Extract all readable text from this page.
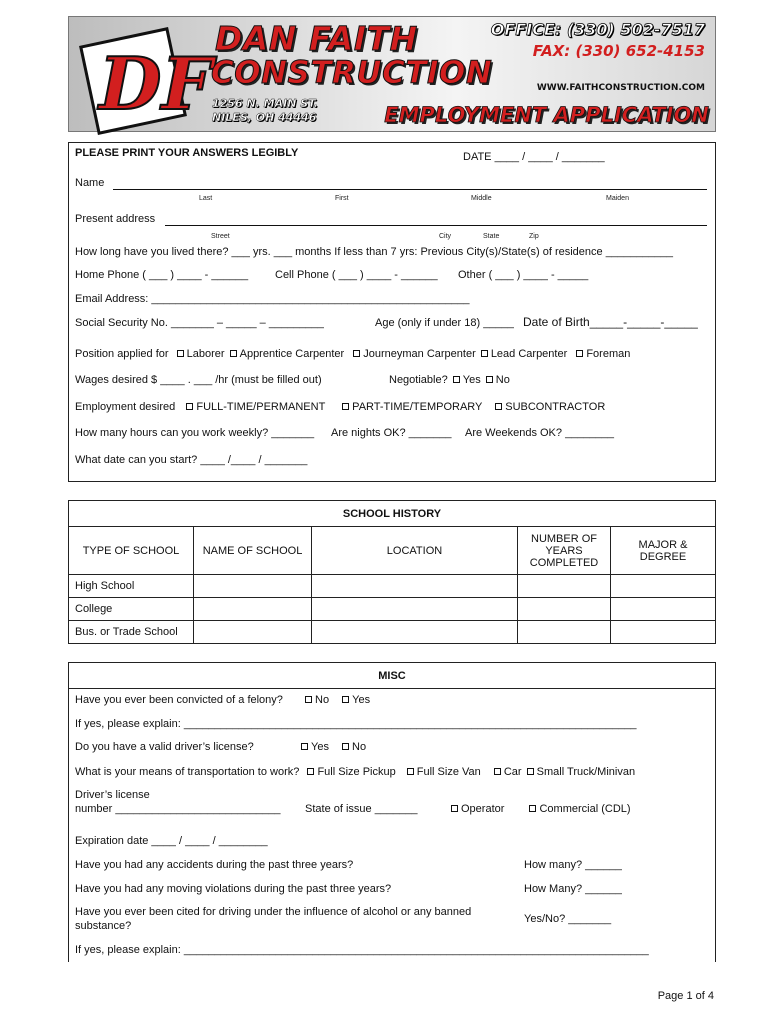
DF
DAN FAITH
CONSTRUCTION
1256 N. MAIN ST.
NILES, OH 44446
OFFICE: (330) 502-7517
FAX: (330) 652-4153
WWW.FAITHCONSTRUCTION.COM
EMPLOYMENT APPLICATION
PLEASE PRINT YOUR ANSWERS LEGIBLY	DATE ____ / ____ / _______
Name
Last	First	Middle	Maiden
Present address
Street	City	State	Zip
How long have you lived there? ___ yrs. ___ months If less than 7 yrs: Previous City(s)/State(s) of residence ___________
Home Phone ( ___ ) ____ - ______ Cell Phone ( ___ ) ____ - ______ Other ( ___ ) ____ - _____
Email Address: ____________________________________________________
Social Security No. _______ – _____ – _________	Age (only if under 18) _____ Date of Birth_____-_____-_____
Position applied for Laborer Apprentice Carpenter Journeyman Carpenter Lead Carpenter Foreman
Wages desired $ ____ . ___ /hr (must be filled out)	Negotiable? Yes No
Employment desired FULL-TIME/PERMANENT PART-TIME/TEMPORARY SUBCONTRACTOR
How many hours can you work weekly? _______ Are nights OK? _______ Are Weekends OK? ________
What date can you start? ____ /____ / _______
SCHOOL HISTORY				
TYPE OF SCHOOL	NAME OF SCHOOL	LOCATION	NUMBER OF YEARS COMPLETED	MAJOR & DEGREE
High School				
College				
Bus. or Trade School				
MISC
Have you ever been convicted of a felony?	No Yes
If yes, please explain: __________________________________________________________________________
Do you have a valid driver’s license?	Yes No
What is your means of transportation to work? Full Size Pickup Full Size Van Car Small Truck/Minivan
Driver’s license
number ___________________________ State of issue _______	Operator	Commercial (CDL)
Expiration date ____ / ____ / ________
Have you had any accidents during the past three years?	How many? ______
Have you had any moving violations during the past three years?	How Many? ______
Have you ever been cited for driving under the influence of alcohol or any banned
substance?
Yes/No? _______
If yes, please explain: ____________________________________________________________________________
Page 1 of 4
